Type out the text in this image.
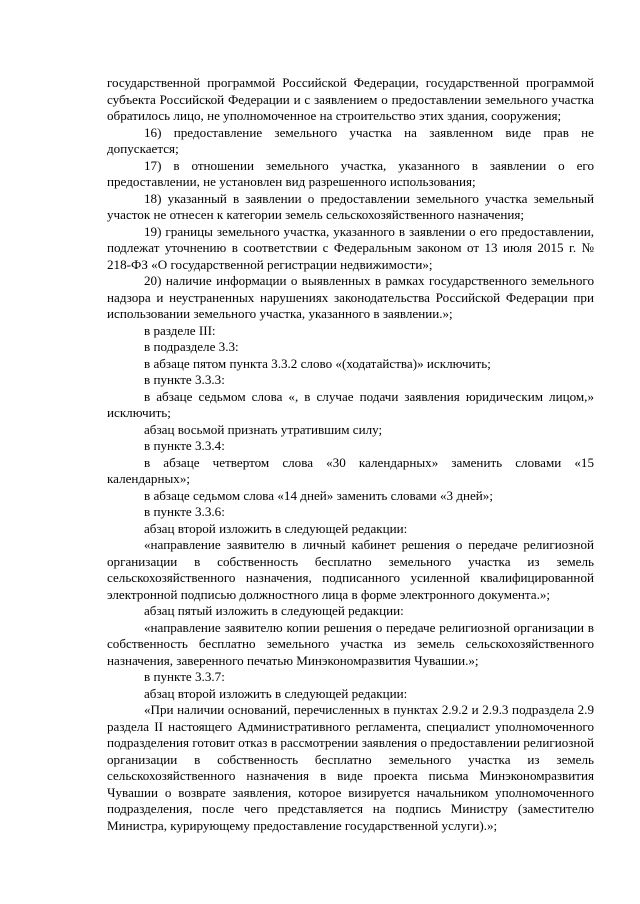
государственной программой Российской Федерации, государственной программой субъекта Российской Федерации и с заявлением о предоставлении земельного участка обратилось лицо, не уполномоченное на строительство этих здания, сооружения;

16) предоставление земельного участка на заявленном виде прав не допускается;

17) в отношении земельного участка, указанного в заявлении о его предоставлении, не установлен вид разрешенного использования;

18) указанный в заявлении о предоставлении земельного участка земельный участок не отнесен к категории земель сельскохозяйственного назначения;

19) границы земельного участка, указанного в заявлении о его предоставлении, подлежат уточнению в соответствии с Федеральным законом от 13 июля 2015 г. № 218-ФЗ «О государственной регистрации недвижимости»;

20) наличие информации о выявленных в рамках государственного земельного надзора и неустраненных нарушениях законодательства Российской Федерации при использовании земельного участка, указанного в заявлении.»;

в разделе III:

в подразделе 3.3:

в абзаце пятом пункта 3.3.2 слово «(ходатайства)» исключить;

в пункте 3.3.3:

в абзаце седьмом слова «, в случае подачи заявления юридическим лицом,» исключить;

абзац восьмой признать утратившим силу;

в пункте 3.3.4:

в абзаце четвертом слова «30 календарных» заменить словами «15 календарных»;

в абзаце седьмом слова «14 дней» заменить словами «3 дней»;

в пункте 3.3.6:

абзац второй изложить в следующей редакции:

«направление заявителю в личный кабинет решения о передаче религиозной организации в собственность бесплатно земельного участка из земель сельскохозяйственного назначения, подписанного усиленной квалифицированной электронной подписью должностного лица в форме электронного документа.»;

абзац пятый изложить в следующей редакции:

«направление заявителю копии решения о передаче религиозной организации в собственность бесплатно земельного участка из земель сельскохозяйственного назначения, заверенного печатью Минэкономразвития Чувашии.»;

в пункте 3.3.7:

абзац второй изложить в следующей редакции:

«При наличии оснований, перечисленных в пунктах 2.9.2 и 2.9.3 подраздела 2.9 раздела II настоящего Административного регламента, специалист уполномоченного подразделения готовит отказ в рассмотрении заявления о предоставлении религиозной организации в собственность бесплатно земельного участка из земель сельскохозяйственного назначения в виде проекта письма Минэкономразвития Чувашии о возврате заявления, которое визируется начальником уполномоченного подразделения, после чего представляется на подпись Министру (заместителю Министра, курирующему предоставление государственной услуги).»;
